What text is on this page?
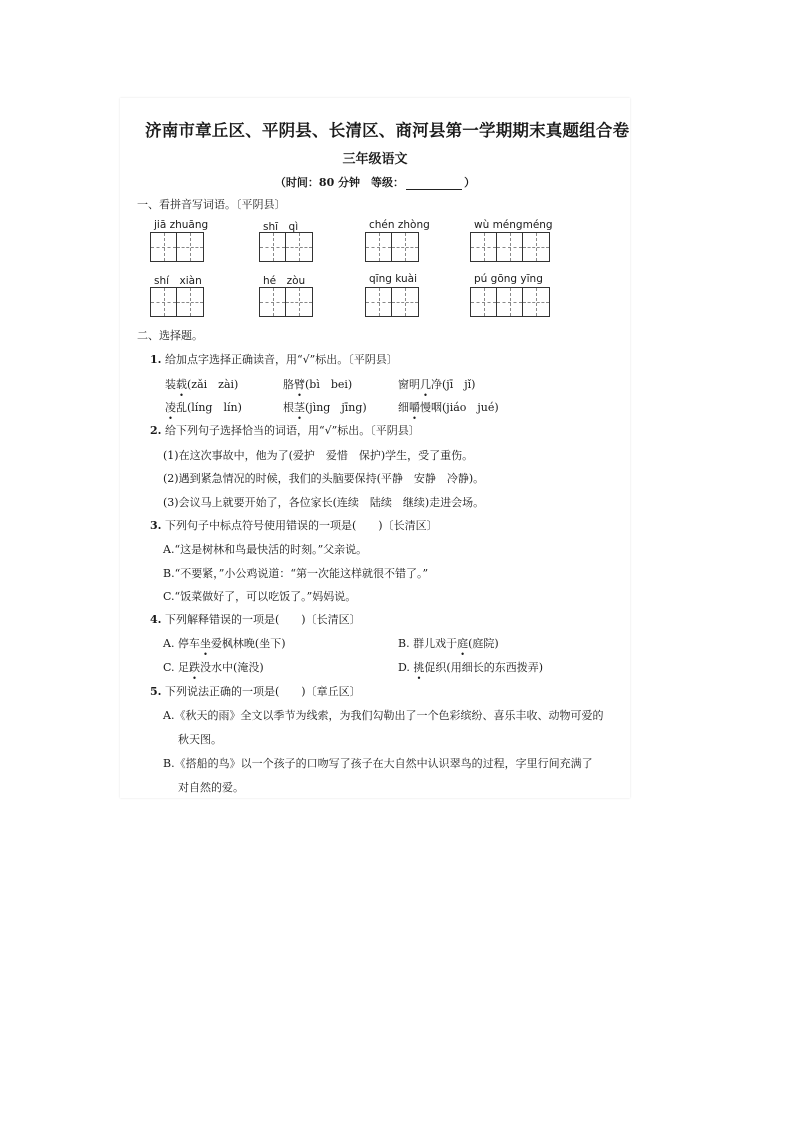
济南市章丘区、平阴县、长清区、商河县第一学期期末真题组合卷
三年级语文
（时间：80 分钟　等级：	）
一、看拼音写词语。〔平阴县〕
jiā zhuāng	shī　qì	chén zhòng	wù méngméng
shí　xiàn	hé　zòu	qīng kuài	pú gōng yīng
二、选择题。
1. 给加点字选择正确读音，用“√”标出。〔平阴县〕
装载(zǎi　zài)	胳臂(bì　bei)	窗明几净(jī　jǐ)
凌乱(líng　lín)	根茎(jìng　jīng)	细嚼慢咽(jiáo　jué)
2. 给下列句子选择恰当的词语，用“√”标出。〔平阴县〕
(1)在这次事故中，他为了(爱护　爱惜　保护)学生，受了重伤。
(2)遇到紧急情况的时候，我们的头脑要保持(平静　安静　冷静)。
(3)会议马上就要开始了，各位家长(连续　陆续　继续)走进会场。
3. 下列句子中标点符号使用错误的一项是( )〔长清区〕
A.“这是树林和鸟最快活的时刻。”父亲说。
B.“不要紧，”小公鸡说道：“第一次能这样就很不错了。”
C.“饭菜做好了，可以吃饭了。”妈妈说。
4. 下列解释错误的一项是( )〔长清区〕
A. 停车坐爱枫林晚(坐下)	B. 群儿戏于庭(庭院)
C. 足跌没水中(淹没)	D. 挑促织(用细长的东西拨弄)
5. 下列说法正确的一项是( )〔章丘区〕
A.《秋天的雨》全文以季节为线索，为我们勾勒出了一个色彩缤纷、喜乐丰收、动物可爱的
秋天图。
B.《搭船的鸟》以一个孩子的口吻写了孩子在大自然中认识翠鸟的过程，字里行间充满了
对自然的爱。
